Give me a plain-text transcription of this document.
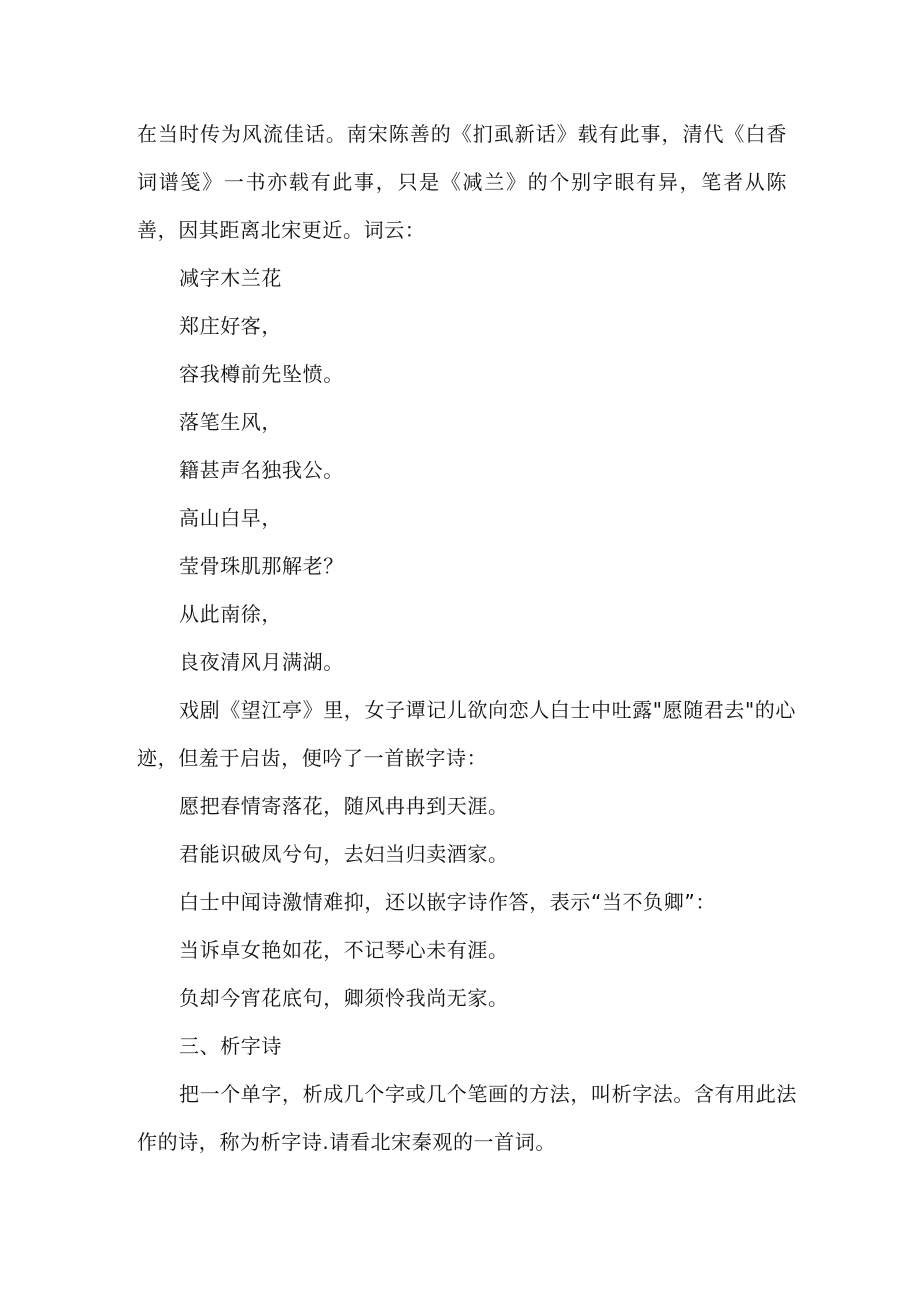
在当时传为风流佳话。南宋陈善的《扪虱新话》载有此事，清代《白香词谱笺》一书亦载有此事，只是《减兰》的个别字眼有异，笔者从陈善，因其距离北宋更近。词云：

减字木兰花
郑庄好客，
容我樽前先坠愤。
落笔生风，
籍甚声名独我公。
高山白早，
莹骨珠肌那解老？
从此南徐，
良夜清风月满湖。
戏剧《望江亭》里，女子谭记儿欲向恋人白士中吐露"愿随君去"的心
迹，但羞于启齿，便吟了一首嵌字诗：
愿把春情寄落花，随风冉冉到天涯。
君能识破凤兮句，去妇当归卖酒家。
白士中闻诗激情难抑，还以嵌字诗作答，表示“当不负卿”：
当诉卓女艳如花，不记琴心未有涯。
负却今宵花底句，卿须怜我尚无家。
三、析字诗
把一个单字，析成几个字或几个笔画的方法，叫析字法。含有用此法
作的诗，称为析字诗.请看北宋秦观的一首词。
